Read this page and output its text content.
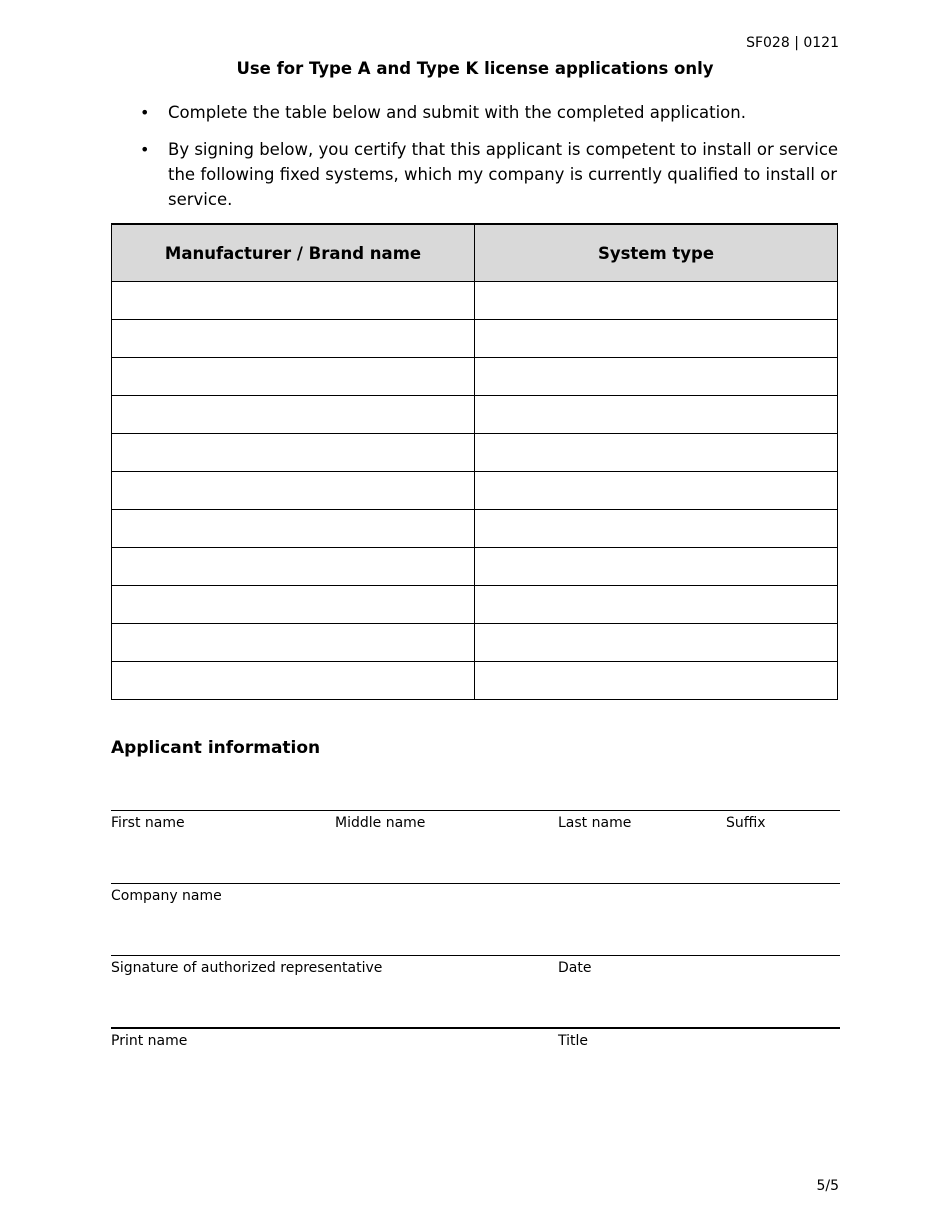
SF028 | 0121
Use for Type A and Type K license applications only
• Complete the table below and submit with the completed application.
• By signing below, you certify that this applicant is competent to install or service the following fixed systems, which my company is currently qualified to install or service.
Manufacturer / Brand name	System type

Applicant information
First name	Middle name	Last name	Suffix
Company name
Signature of authorized representative	Date
Print name	Title
5/5
